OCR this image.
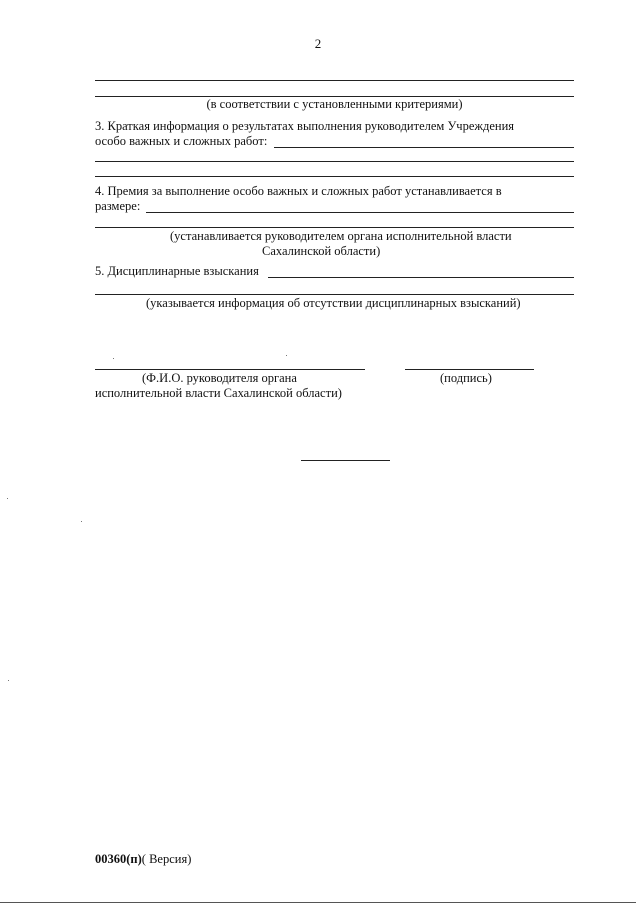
2
(в соответствии с установленными критериями)
3. Краткая информация о результатах выполнения руководителем Учреждения
особо важных и сложных работ:
4. Премия за выполнение особо важных и сложных работ устанавливается в
размере:
(устанавливается руководителем органа исполнительной власти
Сахалинской области)
5. Дисциплинарные взыскания
(указывается информация об отсутствии дисциплинарных взысканий)
(Ф.И.О. руководителя органа
исполнительной власти Сахалинской области)
(подпись)
00360(п)( Версия)
